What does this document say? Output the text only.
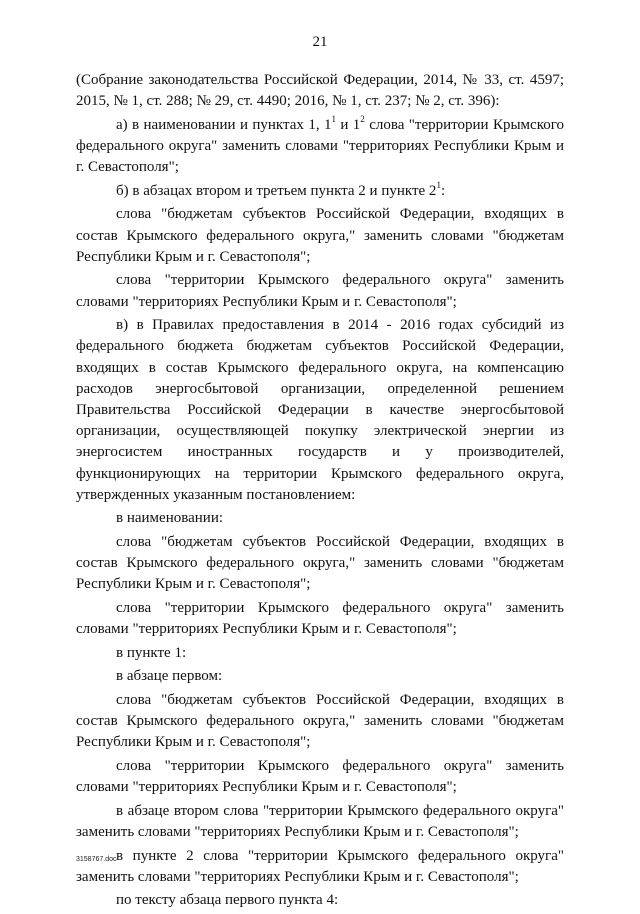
21

(Собрание законодательства Российской Федерации, 2014, № 33, ст. 4597; 2015, № 1, ст. 288; № 29, ст. 4490; 2016, № 1, ст. 237; № 2, ст. 396):

а) в наименовании и пунктах 1, $1^1$ и $1^2$ слова "территории Крымского федерального округа" заменить словами "территориях Республики Крым и г. Севастополя";

б) в абзацах втором и третьем пункта 2 и пункте $2^1$:

слова "бюджетам субъектов Российской Федерации, входящих в состав Крымского федерального округа," заменить словами "бюджетам Республики Крым и г. Севастополя";

слова "территории Крымского федерального округа" заменить словами "территориях Республики Крым и г. Севастополя";

в) в Правилах предоставления в 2014 - 2016 годах субсидий из федерального бюджета бюджетам субъектов Российской Федерации, входящих в состав Крымского федерального округа, на компенсацию расходов энергосбытовой организации, определенной решением Правительства Российской Федерации в качестве энергосбытовой организации, осуществляющей покупку электрической энергии из энергосистем иностранных государств и у производителей, функционирующих на территории Крымского федерального округа, утвержденных указанным постановлением:

в наименовании:

слова "бюджетам субъектов Российской Федерации, входящих в состав Крымского федерального округа," заменить словами "бюджетам Республики Крым и г. Севастополя";

слова "территории Крымского федерального округа" заменить словами "территориях Республики Крым и г. Севастополя";

в пункте 1:

в абзаце первом:

слова "бюджетам субъектов Российской Федерации, входящих в состав Крымского федерального округа," заменить словами "бюджетам Республики Крым и г. Севастополя";

слова "территории Крымского федерального округа" заменить словами "территориях Республики Крым и г. Севастополя";

в абзаце втором слова "территории Крымского федерального округа" заменить словами "территориях Республики Крым и г. Севастополя";

в пункте 2 слова "территории Крымского федерального округа" заменить словами "территориях Республики Крым и г. Севастополя";

по тексту абзаца первого пункта 4:

3158767.doc
